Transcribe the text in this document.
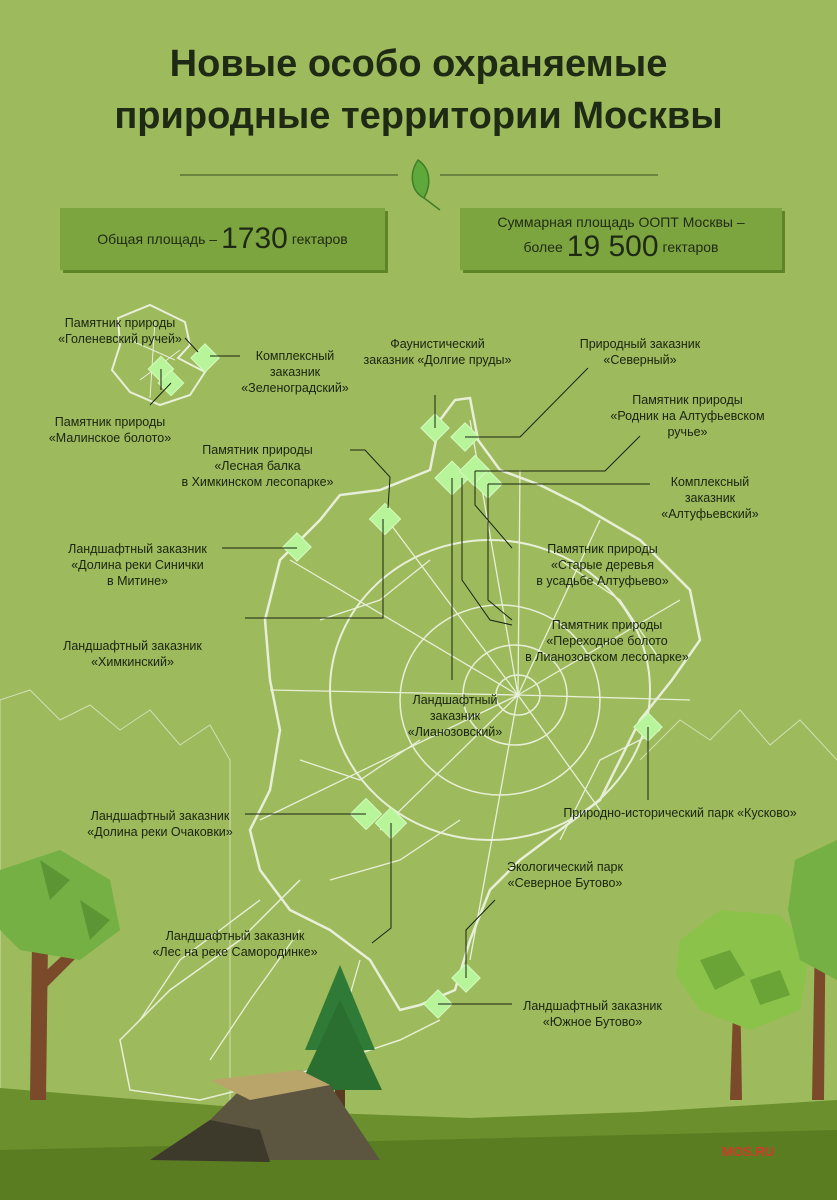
Новые особо охраняемые
природные территории Москвы
Общая площадь – 1730 гектаров
Суммарная площадь ООПТ Москвы –
более 19 500 гектаров
Памятник природы
«Голеневский ручей»
Комплексный
заказник
«Зеленоградский»
Памятник природы
«Малинское болото»
Фаунистический
заказник «Долгие пруды»
Природный заказник
«Северный»
Памятник природы
«Родник на Алтуфьевском
ручье»
Памятник природы
«Лесная балка
в Химкинском лесопарке»	Комплексный
заказник
«Алтуфьевский»
Ландшафтный заказник
«Долина реки Синички
в Митине»
Памятник природы
«Старые деревья
в усадьбе Алтуфьево»
Ландшафтный заказник
«Химкинский»
Памятник природы
«Переходное болото
в Лианозовском лесопарке»
Ландшафтный
заказник
«Лианозовский»
Природно-исторический парк «Кусково»
Ландшафтный заказник
«Долина реки Очаковки»
Экологический парк
«Северное Бутово»
Ландшафтный заказник
«Лес на реке Самородинке»
Ландшафтный заказник
«Южное Бутово»
MOS.RU
